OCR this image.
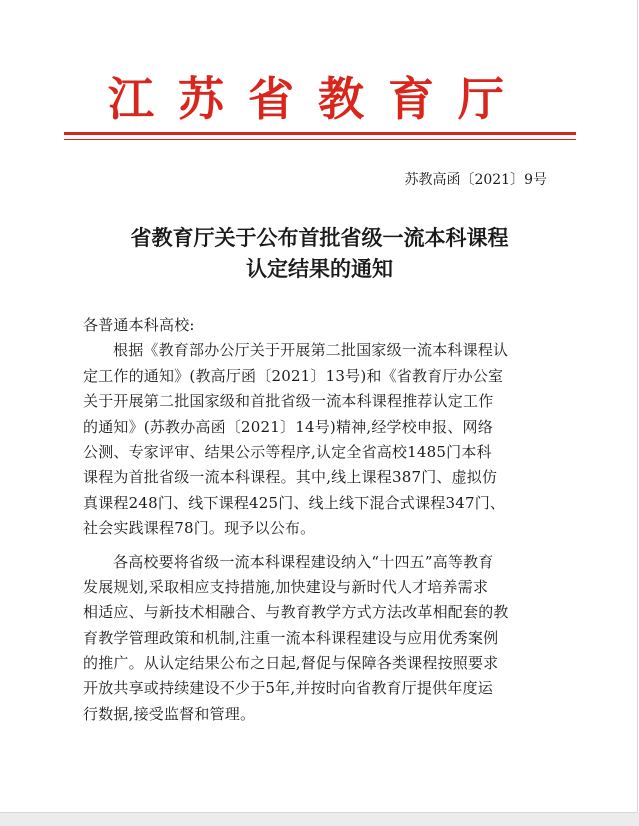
江苏省教育厅
苏教高函〔2021〕9号
省教育厅关于公布首批省级一流本科课程
认定结果的通知
各普通本科高校:
根据《教育部办公厅关于开展第二批国家级一流本科课程认
定工作的通知》(教高厅函〔2021〕13号)和《省教育厅办公室
关于开展第二批国家级和首批省级一流本科课程推荐认定工作
的通知》(苏教办高函〔2021〕14号)精神,经学校申报、网络
公测、专家评审、结果公示等程序,认定全省高校1485门本科
课程为首批省级一流本科课程。其中,线上课程387门、虚拟仿
真课程248门、线下课程425门、线上线下混合式课程347门、
社会实践课程78门。现予以公布。
各高校要将省级一流本科课程建设纳入“十四五”高等教育
发展规划,采取相应支持措施,加快建设与新时代人才培养需求
相适应、与新技术相融合、与教育教学方式方法改革相配套的教
育教学管理政策和机制,注重一流本科课程建设与应用优秀案例
的推广。从认定结果公布之日起,督促与保障各类课程按照要求
开放共享或持续建设不少于5年,并按时向省教育厅提供年度运
行数据,接受监督和管理。
